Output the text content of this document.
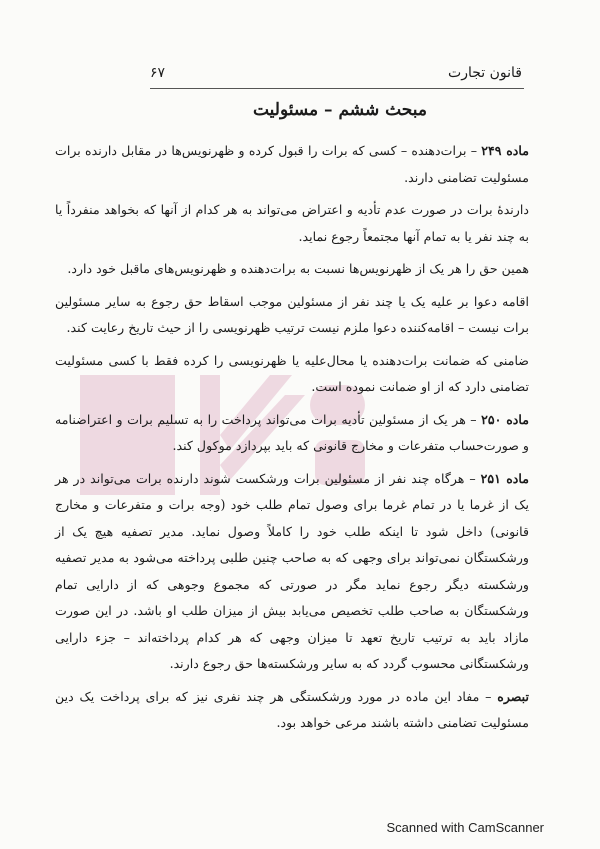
قانون تجارت
۶۷
مبحث ششم – مسئولیت

ماده ۲۴۹ – برات‌دهنده – کسی که برات را قبول کرده و ظهرنویس‌ها در مقابل دارنده برات مسئولیت تضامنی دارند.

دارندهٔ برات در صورت عدم تأدیه و اعتراض می‌تواند به هر کدام از آنها که بخواهد منفرداً یا به چند نفر یا به تمام آنها مجتمعاً رجوع نماید.

همین حق را هر یک از ظهرنویس‌ها نسبت به برات‌دهنده و ظهرنویس‌های ماقبل خود دارد.

اقامه دعوا بر علیه یک یا چند نفر از مسئولین موجب اسقاط حق رجوع به سایر مسئولین برات نیست – اقامه‌کننده دعوا ملزم نیست ترتیب ظهرنویسی را از حیث تاریخ رعایت کند.

ضامنی که ضمانت برات‌دهنده یا محال‌علیه یا ظهرنویسی را کرده فقط با کسی مسئولیت تضامنی دارد که از او ضمانت نموده است.

ماده ۲۵۰ – هر یک از مسئولین تأدیه برات می‌تواند پرداخت را به تسلیم برات و اعتراضنامه و صورت‌حساب متفرعات و مخارج قانونی که باید بپردازد موکول کند.

ماده ۲۵۱ – هرگاه چند نفر از مسئولین برات ورشکست شوند دارنده برات می‌تواند در هر یک از غرما یا در تمام غرما برای وصول تمام طلب خود (وجه برات و متفرعات و مخارج قانونی) داخل شود تا اینکه طلب خود را کاملاً وصول نماید. مدیر تصفیه هیچ یک از ورشکستگان نمی‌تواند برای وجهی که به صاحب چنین طلبی پرداخته می‌شود به مدیر تصفیه ورشکسته دیگر رجوع نماید مگر در صورتی که مجموع وجوهی که از دارایی تمام ورشکستگان به صاحب طلب تخصیص می‌یابد بیش از میزان طلب او باشد. در این صورت مازاد باید به ترتیب تاریخ تعهد تا میزان وجهی که هر کدام پرداخته‌اند – جزء دارایی ورشکستگانی محسوب گردد که به سایر ورشکسته‌ها حق رجوع دارند.

تبصره – مفاد این ماده در مورد ورشکستگی هر چند نفری نیز که برای پرداخت یک دین مسئولیت تضامنی داشته باشند مرعی خواهد بود.

Scanned with CamScanner
